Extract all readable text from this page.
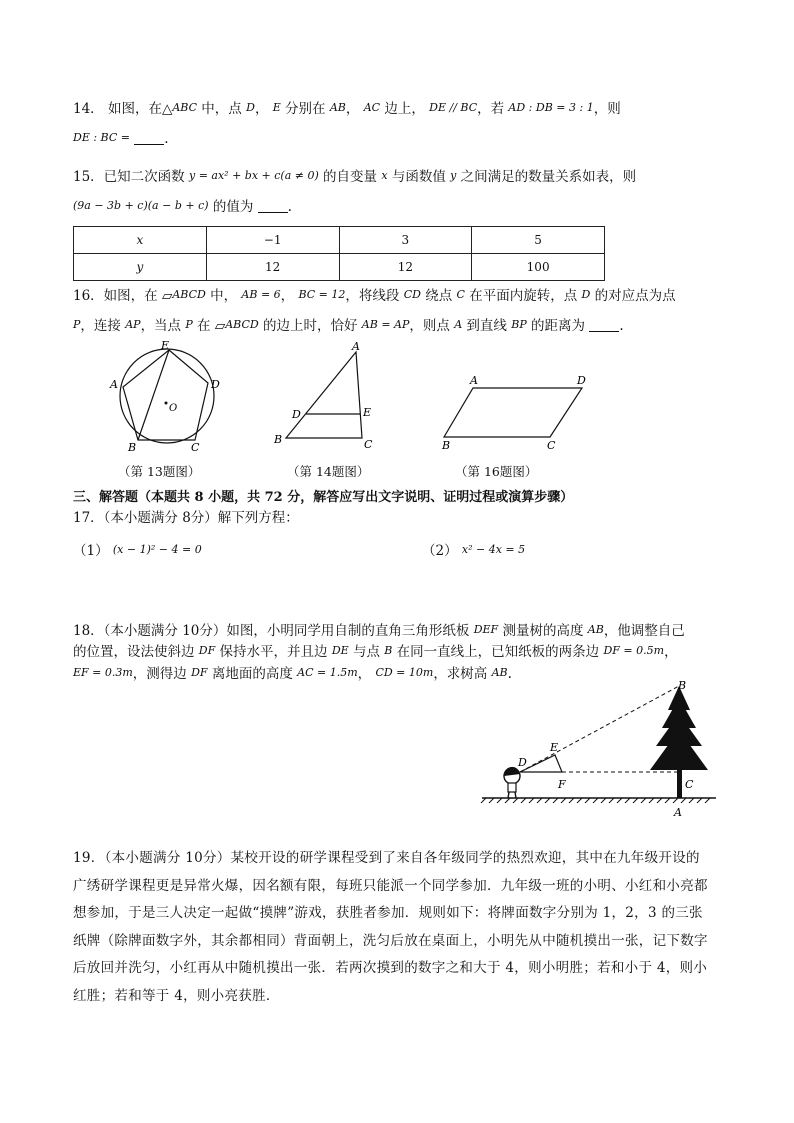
14． 如图，在△ABC 中，点 D， E 分别在 AB， AC 边上， DE // BC，若 AD : DB = 3 : 1，则
DE : BC =	.
15．已知二次函数 y = ax² + bx + c(a ≠ 0) 的自变量 x 与函数值 y 之间满足的数量关系如表，则
(9a − 3b + c)(a − b + c) 的值为 .
x	−1	3	5
y	12	12	100
16．如图，在 ▱ABCD 中， AB = 6， BC = 12，将线段 CD 绕点 C 在平面内旋转，点 D 的对应点为点
P，连接 AP，当点 P 在 ▱ABCD 的边上时，恰好 AB = AP，则点 A 到直线 BP 的距离为 .
E
A	D
B	C
O
（第 13题图）
A
D	E
B	C
（第 14题图）
A	D
B	C
（第 16题图）
三、解答题（本题共 8 小题，共 72 分，解答应写出文字说明、证明过程或演算步骤）
17．（本小题满分 8分）解下列方程：
（1） (x − 1)² − 4 = 0	（2） x² − 4x = 5
18．（本小题满分 10分）如图，小明同学用自制的直角三角形纸板 DEF 测量树的高度 AB，他调整自己
的位置，设法使斜边 DF 保持水平，并且边 DE 与点 B 在同一直线上，已知纸板的两条边 DF = 0.5m，
EF = 0.3m，测得边 DF 离地面的高度 AC = 1.5m， CD = 10m，求树高 AB.
B
E
D
F	C
A
19．（本小题满分 10分）某校开设的研学课程受到了来自各年级同学的热烈欢迎，其中在九年级开设的
广绣研学课程更是异常火爆，因名额有限，每班只能派一个同学参加．九年级一班的小明、小红和小亮都
想参加，于是三人决定一起做“摸牌”游戏，获胜者参加．规则如下：将牌面数字分别为 1，2，3 的三张
纸牌（除牌面数字外，其余都相同）背面朝上，洗匀后放在桌面上，小明先从中随机摸出一张，记下数字
后放回并洗匀，小红再从中随机摸出一张．若两次摸到的数字之和大于 4，则小明胜；若和小于 4，则小
红胜；若和等于 4，则小亮获胜．
